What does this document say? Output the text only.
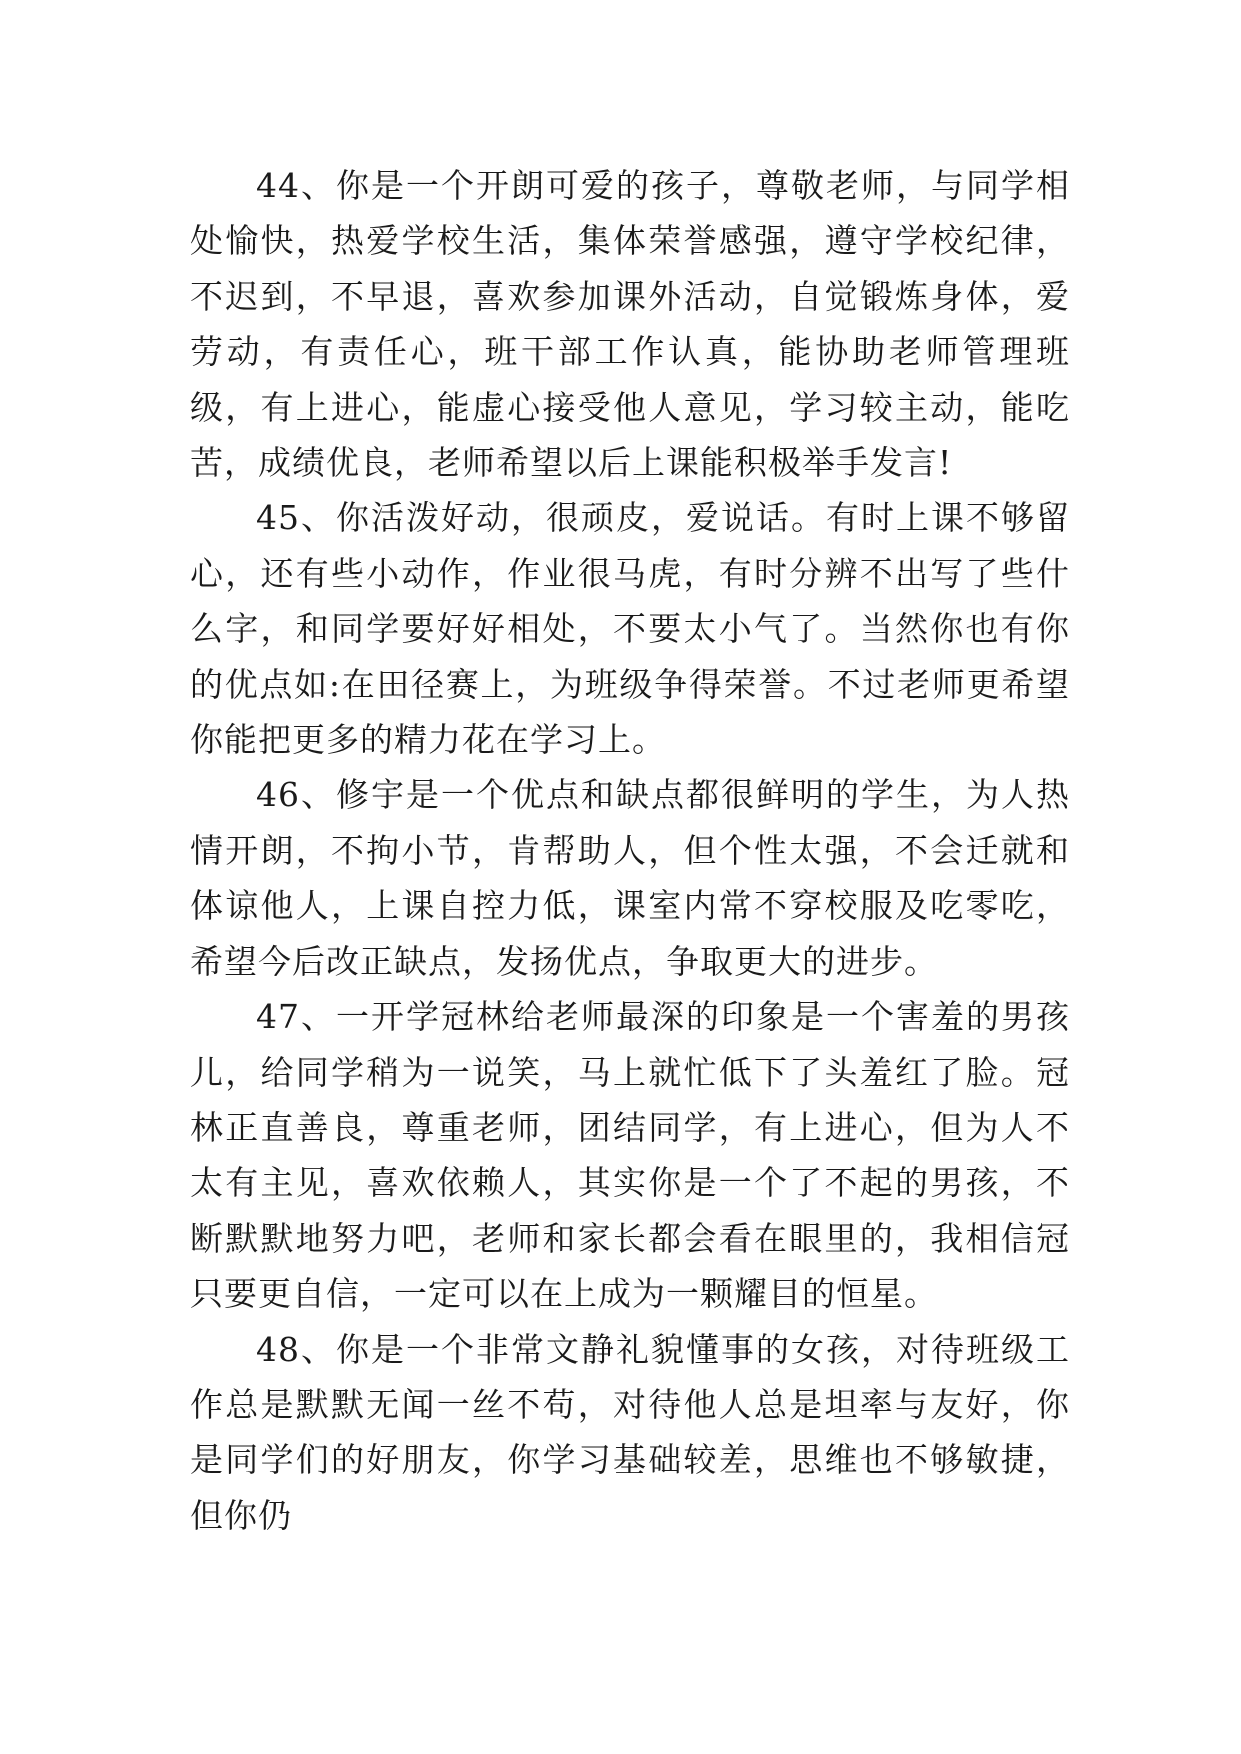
44、你是一个开朗可爱的孩子，尊敬老师，与同学相处愉快，热爱学校生活，集体荣誉感强，遵守学校纪律，不迟到，不早退，喜欢参加课外活动，自觉锻炼身体，爱劳动，有责任心，班干部工作认真，能协助老师管理班级，有上进心，能虚心接受他人意见，学习较主动，能吃苦，成绩优良，老师希望以后上课能积极举手发言!

45、你活泼好动，很顽皮，爱说话。有时上课不够留心，还有些小动作，作业很马虎，有时分辨不出写了些什么字，和同学要好好相处，不要太小气了。当然你也有你的优点如:在田径赛上，为班级争得荣誉。不过老师更希望你能把更多的精力花在学习上。

46、修宇是一个优点和缺点都很鲜明的学生，为人热情开朗，不拘小节，肯帮助人，但个性太强，不会迁就和体谅他人，上课自控力低，课室内常不穿校服及吃零吃，希望今后改正缺点，发扬优点，争取更大的进步。

47、一开学冠林给老师最深的印象是一个害羞的男孩儿，给同学稍为一说笑，马上就忙低下了头羞红了脸。冠林正直善良，尊重老师，团结同学，有上进心，但为人不太有主见，喜欢依赖人，其实你是一个了不起的男孩，不断默默地努力吧，老师和家长都会看在眼里的，我相信冠只要更自信，一定可以在上成为一颗耀目的恒星。

48、你是一个非常文静礼貌懂事的女孩，对待班级工作总是默默无闻一丝不苟，对待他人总是坦率与友好，你是同学们的好朋友，你学习基础较差，思维也不够敏捷，但你仍
